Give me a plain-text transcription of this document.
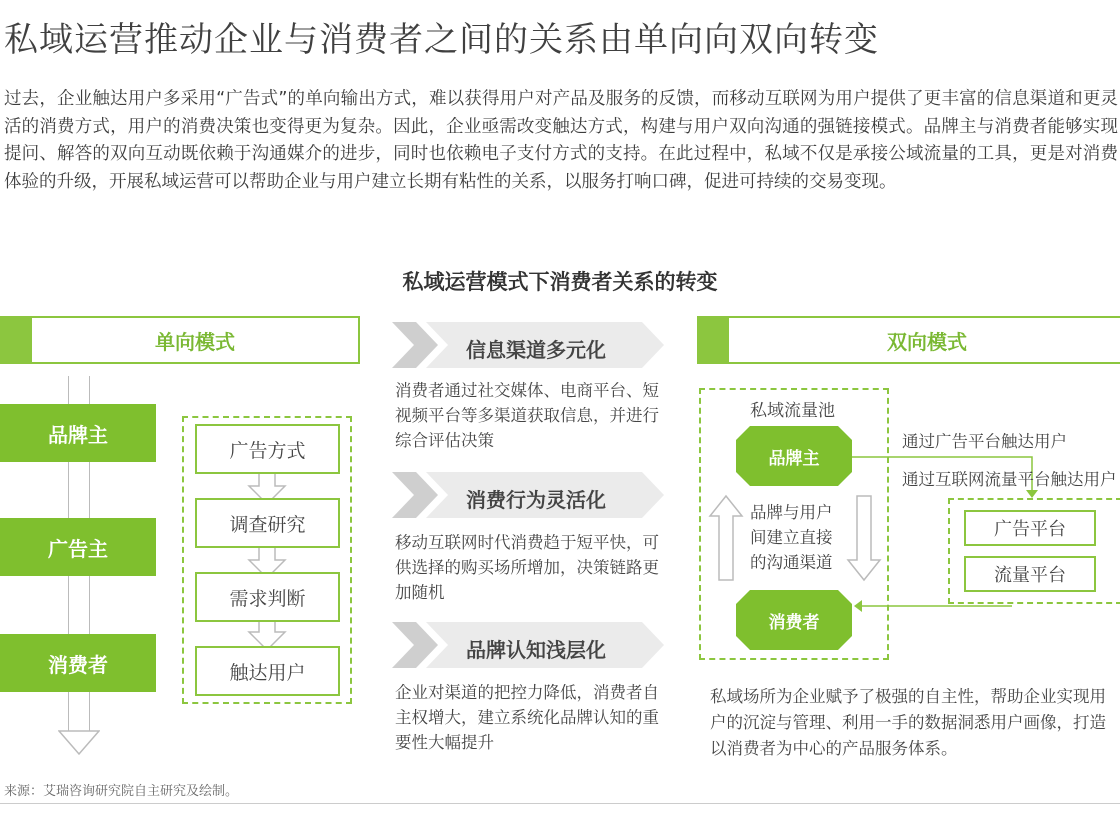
私域运营推动企业与消费者之间的关系由单向向双向转变
过去，企业触达用户多采用“广告式”的单向输出方式，难以获得用户对产品及服务的反馈，而移动互联网为用户提供了更丰富的信息渠道和更灵活的消费方式，用户的消费决策也变得更为复杂。因此，企业亟需改变触达方式，构建与用户双向沟通的强链接模式。品牌主与消费者能够实现提问、解答的双向互动既依赖于沟通媒介的进步，同时也依赖电子支付方式的支持。在此过程中，私域不仅是承接公域流量的工具，更是对消费体验的升级，开展私域运营可以帮助企业与用户建立长期有粘性的关系，以服务打响口碑，促进可持续的交易变现。
私域运营模式下消费者关系的转变
单向模式
品牌主
广告主
消费者
广告方式
调查研究
需求判断
触达用户
信息渠道多元化
消费者通过社交媒体、电商平台、短视频平台等多渠道获取信息，并进行综合评估决策
消费行为灵活化
移动互联网时代消费趋于短平快，可供选择的购买场所增加，决策链路更加随机
品牌认知浅层化
企业对渠道的把控力降低，消费者自主权增大，建立系统化品牌认知的重要性大幅提升
双向模式
私域流量池
品牌主
消费者
品牌与用户间建立直接的沟通渠道
通过广告平台触达用户
通过互联网流量平台触达用户
广告平台
流量平台
私域场所为企业赋予了极强的自主性，帮助企业实现用户的沉淀与管理、利用一手的数据洞悉用户画像，打造以消费者为中心的产品服务体系。
来源：艾瑞咨询研究院自主研究及绘制。
